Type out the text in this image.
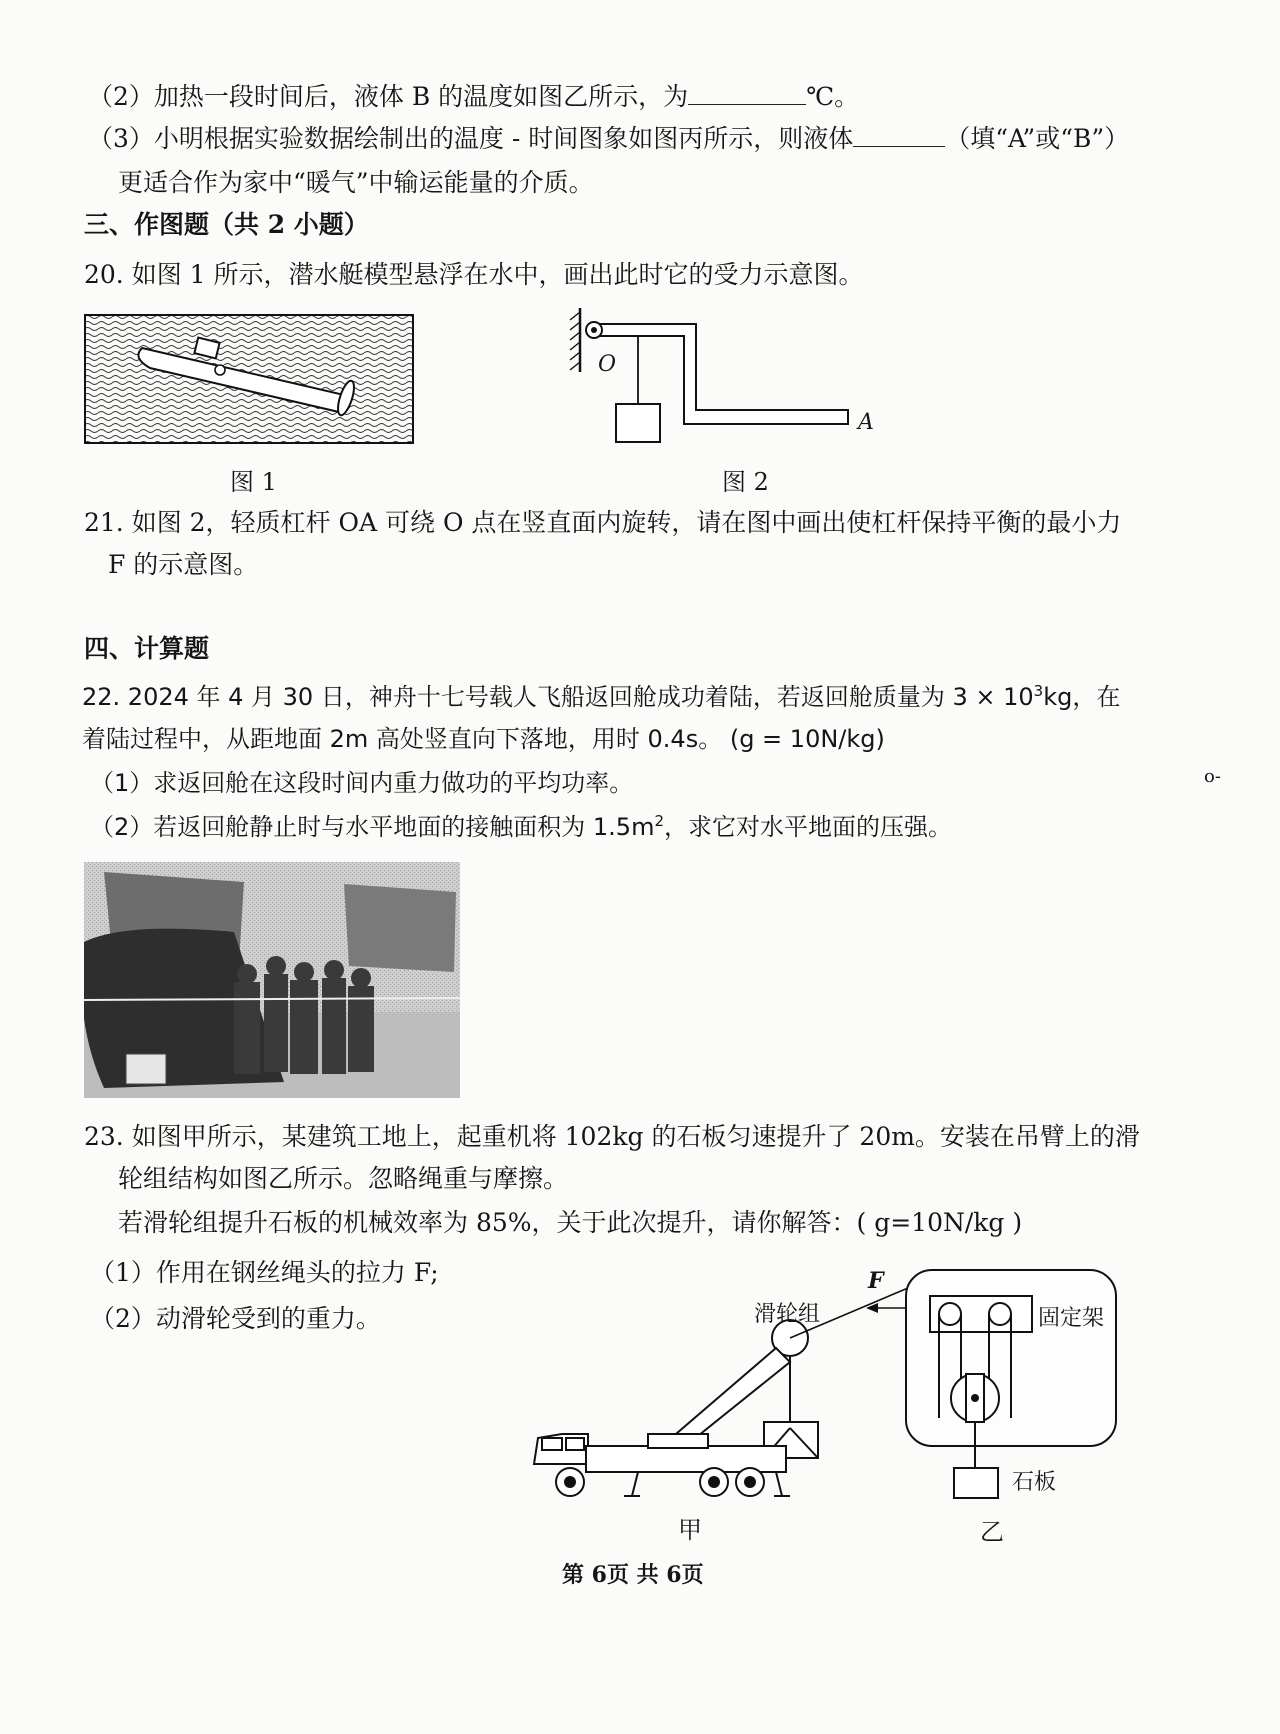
（2）加热一段时间后，液体 B 的温度如图乙所示，为	℃。
（3）小明根据实验数据绘制出的温度 - 时间图象如图丙所示，则液体	（填“A”或“B”）
更适合作为家中“暖气”中输运能量的介质。
三、作图题（共 2 小题）
20. 如图 1 所示，潜水艇模型悬浮在水中，画出此时它的受力示意图。
图 1
O
A
图 2
21. 如图 2，轻质杠杆 OA 可绕 O 点在竖直面内旋转，请在图中画出使杠杆保持平衡的最小力
F 的示意图。
四、计算题
22. 2024 年 4 月 30 日，神舟十七号载人飞船返回舱成功着陆，若返回舱质量为 $3 \times 10^3kg$，在
着陆过程中，从距地面 2m 高处竖直向下落地，用时 0.4s。 (g = 10N/kg)
（1）求返回舱在这段时间内重力做功的平均功率。
（2）若返回舱静止时与水平地面的接触面积为 $1.5m^2$，求它对水平地面的压强。
o-
23. 如图甲所示，某建筑工地上，起重机将 102kg 的石板匀速提升了 20m。安装在吊臂上的滑
轮组结构如图乙所示。忽略绳重与摩擦。
若滑轮组提升石板的机械效率为 85%，关于此次提升，请你解答：( g=10N/kg )
（1）作用在钢丝绳头的拉力 F;
（2）动滑轮受到的重力。	滑轮组
甲
F
固定架
石板
乙
第 6页 共 6页
